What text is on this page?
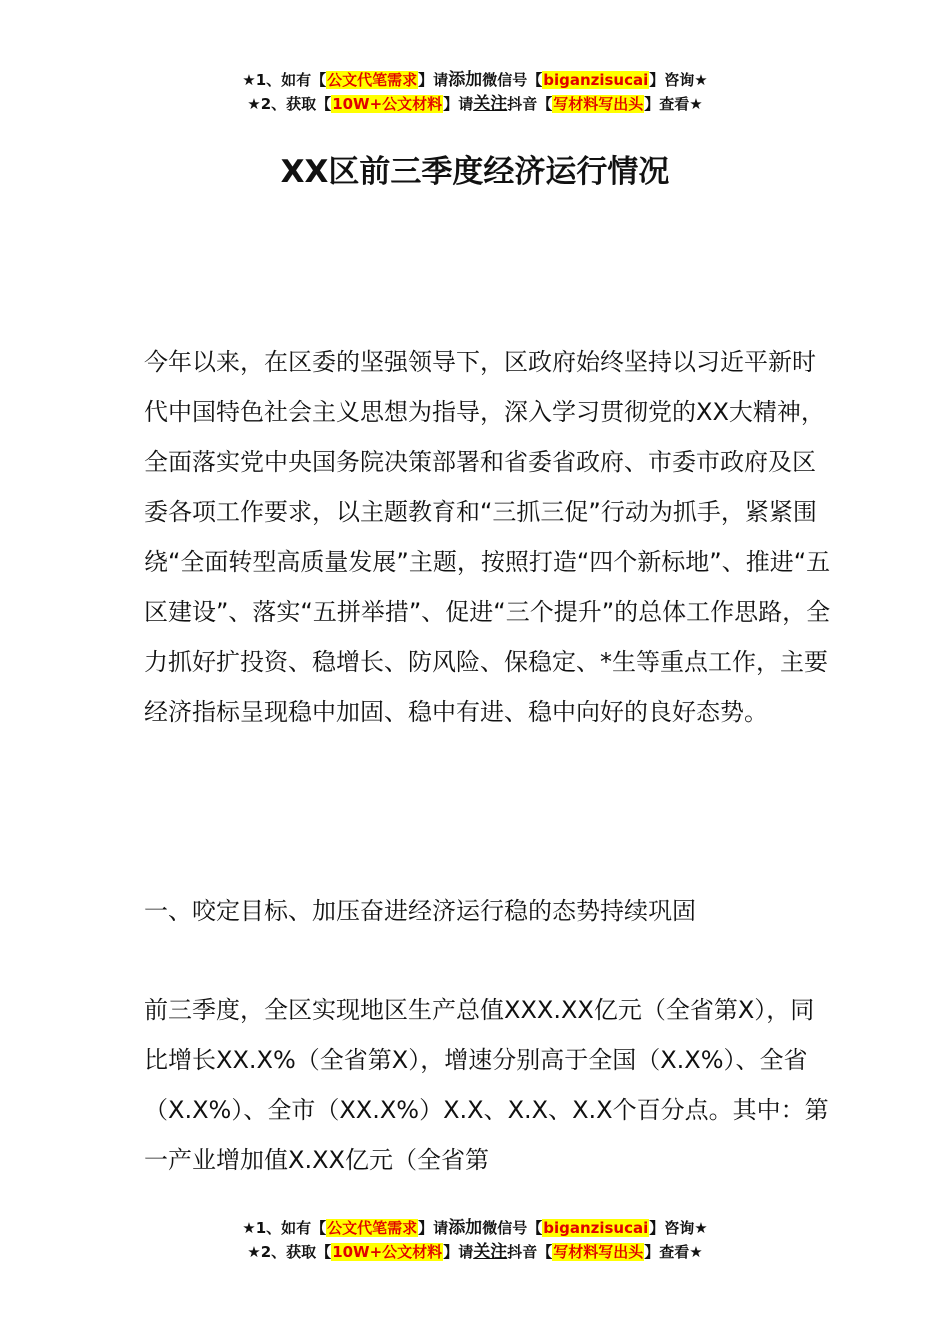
★1、如有【公文代笔需求】请添加微信号【biganzisucai】咨询★
★2、获取【10W+公文材料】请关注抖音【写材料写出头】查看★
XX区前三季度经济运行情况

今年以来，在区委的坚强领导下，区政府始终坚持以习近平新时代中国特色社会主义思想为指导，深入学习贯彻党的XX大精神，全面落实党中央国务院决策部署和省委省政府、市委市政府及区委各项工作要求，以主题教育和“三抓三促”行动为抓手，紧紧围绕“全面转型高质量发展”主题，按照打造“四个新标地”、推进“五区建设”、落实“五拼举措”、促进“三个提升”的总体工作思路，全力抓好扩投资、稳增长、防风险、保稳定、*生等重点工作，主要经济指标呈现稳中加固、稳中有进、稳中向好的良好态势。

一、咬定目标、加压奋进经济运行稳的态势持续巩固

前三季度，全区实现地区生产总值XXX.XX亿元（全省第X），同比增长XX.X%（全省第X），增速分别高于全国（X.X%）、全省（X.X%）、全市（XX.X%）X.X、X.X、X.X个百分点。其中：第一产业增加值X.XX亿元（全省第

★1、如有【公文代笔需求】请添加微信号【biganzisucai】咨询★
★2、获取【10W+公文材料】请关注抖音【写材料写出头】查看★
